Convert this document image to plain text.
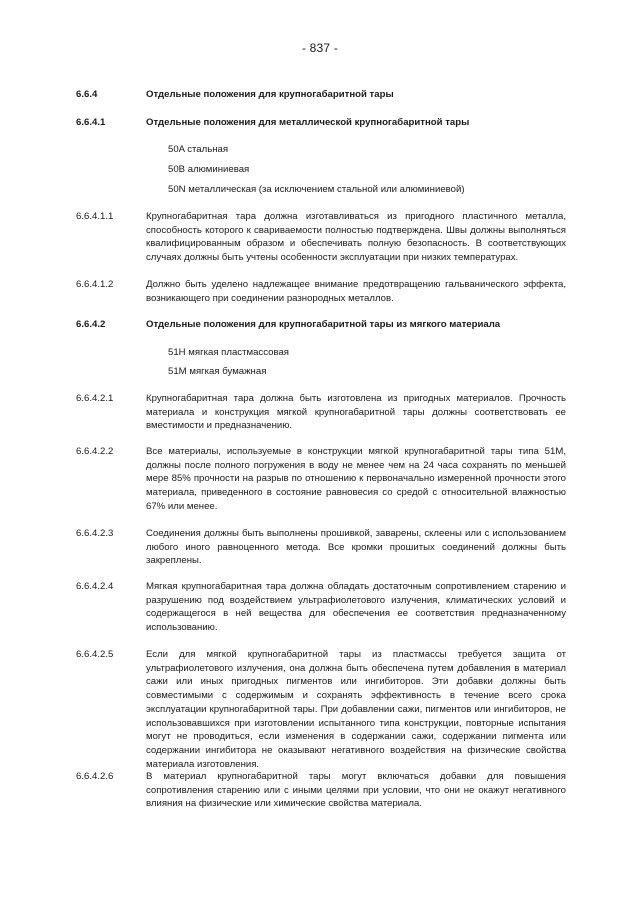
- 837 -
6.6.4	Отдельные положения для крупногабаритной тары
6.6.4.1	Отдельные положения для металлической крупногабаритной тары
50A стальная
50B алюминиевая
50N металлическая (за исключением стальной или алюминиевой)
6.6.4.1.1	Крупногабаритная тара должна изготавливаться из пригодного пластичного металла, способность которого к свариваемости полностью подтверждена. Швы должны выполняться квалифицированным образом и обеспечивать полную безопасность. В соответствующих случаях должны быть учтены особенности эксплуатации при низких температурах.
6.6.4.1.2	Должно быть уделено надлежащее внимание предотвращению гальванического эффекта, возникающего при соединении разнородных металлов.
6.6.4.2	Отдельные положения для крупногабаритной тары из мягкого материала
51H мягкая пластмассовая
51M мягкая бумажная
6.6.4.2.1	Крупногабаритная тара должна быть изготовлена из пригодных материалов. Прочность материала и конструкция мягкой крупногабаритной тары должны соответствовать ее вместимости и предназначению.
6.6.4.2.2	Все материалы, используемые в конструкции мягкой крупногабаритной тары типа 51M, должны после полного погружения в воду не менее чем на 24 часа сохранять по меньшей мере 85% прочности на разрыв по отношению к первоначально измеренной прочности этого материала, приведенного в состояние равновесия со средой с относительной влажностью 67% или менее.
6.6.4.2.3	Соединения должны быть выполнены прошивкой, заварены, склеены или с использованием любого иного равноценного метода. Все кромки прошитых соединений должны быть закреплены.
6.6.4.2.4	Мягкая крупногабаритная тара должна обладать достаточным сопротивлением старению и разрушению под воздействием ультрафиолетового излучения, климатических условий и содержащегося в ней вещества для обеспечения ее соответствия предназначенному использованию.
6.6.4.2.5	Если для мягкой крупногабаритной тары из пластмассы требуется защита от ультрафиолетового излучения, она должна быть обеспечена путем добавления в материал сажи или иных пригодных пигментов или ингибиторов. Эти добавки должны быть совместимыми с содержимым и сохранять эффективность в течение всего срока эксплуатации крупногабаритной тары. При добавлении сажи, пигментов или ингибиторов, не использовавшихся при изготовлении испытанного типа конструкции, повторные испытания могут не проводиться, если изменения в содержании сажи, содержании пигмента или содержании ингибитора не оказывают негативного воздействия на физические свойства материала изготовления.
6.6.4.2.6	В материал крупногабаритной тары могут включаться добавки для повышения сопротивления старению или с иными целями при условии, что они не окажут негативного влияния на физические или химические свойства материала.
